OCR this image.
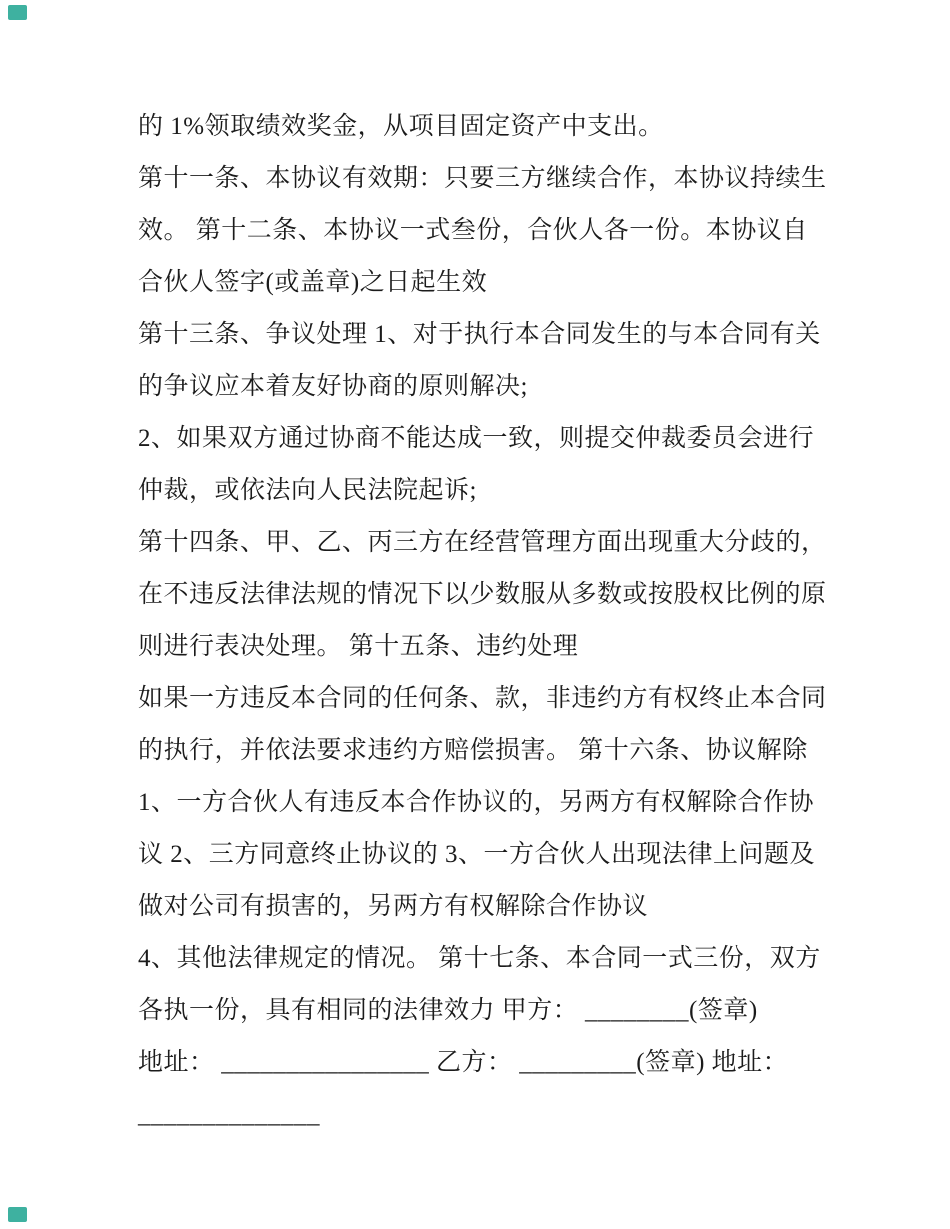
的 1%领取绩效奖金，从项目固定资产中支出。
第十一条、本协议有效期：只要三方继续合作，本协议持续生
效。 第十二条、本协议一式叁份，合伙人各一份。本协议自
合伙人签字(或盖章)之日起生效
第十三条、争议处理 1、对于执行本合同发生的与本合同有关
的争议应本着友好协商的原则解决;
2、如果双方通过协商不能达成一致，则提交仲裁委员会进行
仲裁，或依法向人民法院起诉;
第十四条、甲、乙、丙三方在经营管理方面出现重大分歧的，
在不违反法律法规的情况下以少数服从多数或按股权比例的原
则进行表决处理。 第十五条、违约处理
如果一方违反本合同的任何条、款，非违约方有权终止本合同
的执行，并依法要求违约方赔偿损害。 第十六条、协议解除
1、一方合伙人有违反本合作协议的，另两方有权解除合作协
议 2、三方同意终止协议的 3、一方合伙人出现法律上问题及
做对公司有损害的，另两方有权解除合作协议
4、其他法律规定的情况。 第十七条、本合同一式三份，双方
各执一份，具有相同的法律效力 甲方： ________(签章)
地址： ________________ 乙方： _________(签章) 地址：
______________
